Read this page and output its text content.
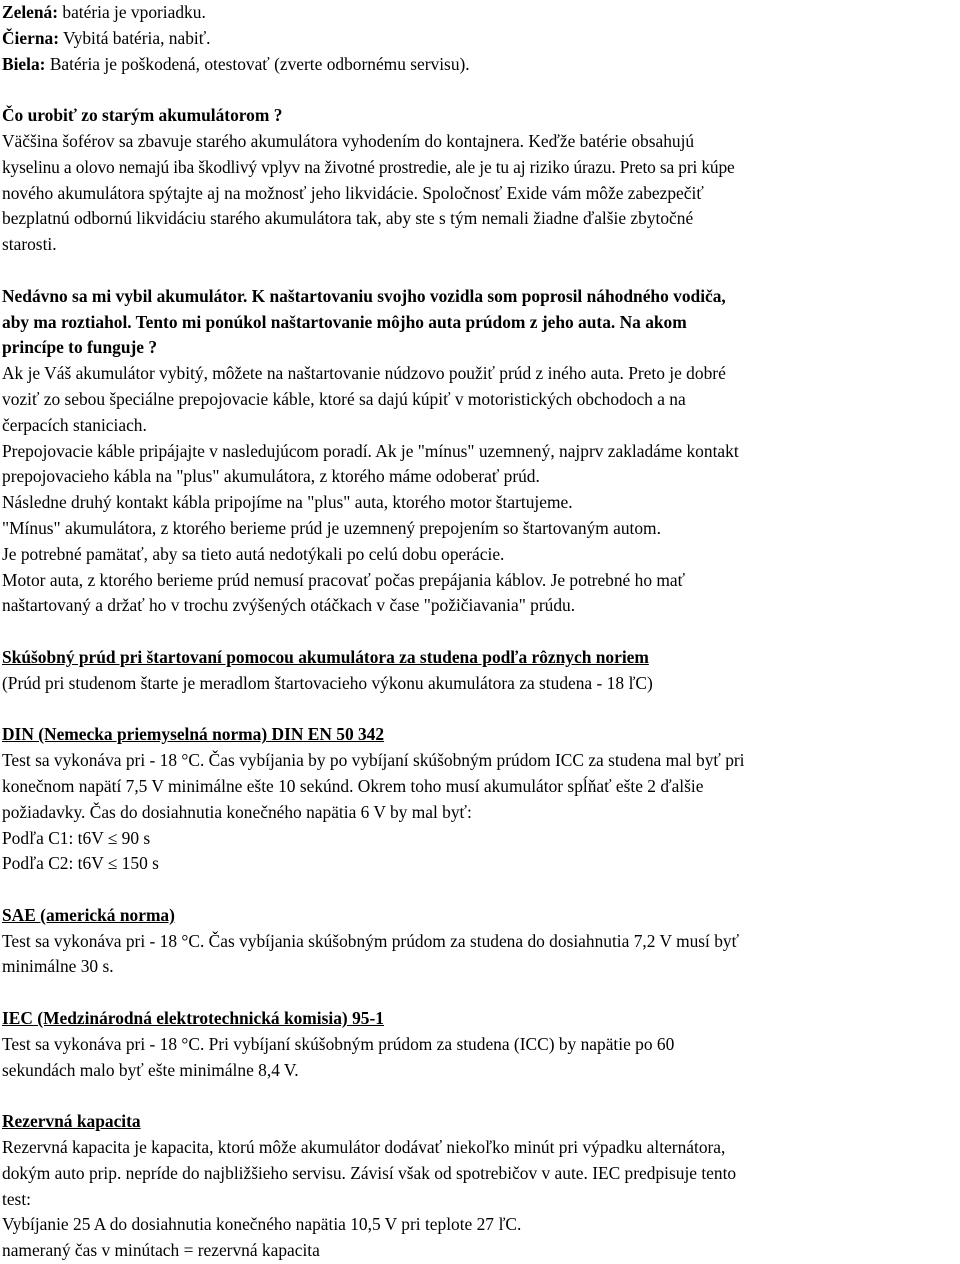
Zelená: batéria je vporiadku.
Čierna: Vybitá batéria, nabiť.
Biela: Batéria je poškodená, otestovať (zverte odbornému servisu).
Čo urobiť zo starým akumulátorom ?
Väčšina šoférov sa zbavuje starého akumulátora vyhodením do kontajnera. Keďže batérie obsahujú
kyselinu a olovo nemajú iba škodlivý vplyv na životné prostredie, ale je tu aj riziko úrazu. Preto sa pri kúpe
nového akumulátora spýtajte aj na možnosť jeho likvidácie. Spoločnosť Exide vám môže zabezpečiť
bezplatnú odbornú likvidáciu starého akumulátora tak, aby ste s tým nemali žiadne ďalšie zbytočné
starosti.
Nedávno sa mi vybil akumulátor. K naštartovaniu svojho vozidla som poprosil náhodného vodiča,
aby ma roztiahol. Tento mi ponúkol naštartovanie môjho auta prúdom z jeho auta. Na akom
princípe to funguje ?
Ak je Váš akumulátor vybitý, môžete na naštartovanie núdzovo použiť prúd z iného auta. Preto je dobré
voziť zo sebou špeciálne prepojovacie káble, ktoré sa dajú kúpiť v motoristických obchodoch a na
čerpacích staniciach.
Prepojovacie káble pripájajte v nasledujúcom poradí. Ak je "mínus" uzemnený, najprv zakladáme kontakt
prepojovacieho kábla na "plus" akumulátora, z ktorého máme odoberať prúd.
Následne druhý kontakt kábla pripojíme na "plus" auta, ktorého motor štartujeme.
"Mínus" akumulátora, z ktorého berieme prúd je uzemnený prepojením so štartovaným autom.
Je potrebné pamätať, aby sa tieto autá nedotýkali po celú dobu operácie.
Motor auta, z ktorého berieme prúd nemusí pracovať počas prepájania káblov. Je potrebné ho mať
naštartovaný a držať ho v trochu zvýšených otáčkach v čase "požičiavania" prúdu.
Skúšobný prúd pri štartovaní pomocou akumulátora za studena podľa rôznych noriem
(Prúd pri studenom štarte je meradlom štartovacieho výkonu akumulátora za studena - 18 ľC)
DIN (Nemecka priemyselná norma) DIN EN 50 342
Test sa vykonáva pri - 18 °C. Čas vybíjania by po vybíjaní skúšobným prúdom ICC za studena mal byť pri
konečnom napätí 7,5 V minimálne ešte 10 sekúnd. Okrem toho musí akumulátor spĺňať ešte 2 ďalšie
požiadavky. Čas do dosiahnutia konečného napätia 6 V by mal byť:
Podľa C1: t6V ≤ 90 s
Podľa C2: t6V ≤ 150 s
SAE (americká norma)
Test sa vykonáva pri - 18 °C. Čas vybíjania skúšobným prúdom za studena do dosiahnutia 7,2 V musí byť
minimálne 30 s.
IEC (Medzinárodná elektrotechnická komisia) 95-1
Test sa vykonáva pri - 18 °C. Pri vybíjaní skúšobným prúdom za studena (ICC) by napätie po 60
sekundách malo byť ešte minimálne 8,4 V.
Rezervná kapacita
Rezervná kapacita je kapacita, ktorú môže akumulátor dodávať niekoľko minút pri výpadku alternátora,
dokým auto prip. nepríde do najbližšieho servisu. Závisí však od spotrebičov v aute. IEC predpisuje tento
test:
Vybíjanie 25 A do dosiahnutia konečného napätia 10,5 V pri teplote 27 ľC.
nameraný čas v minútach = rezervná kapacita
